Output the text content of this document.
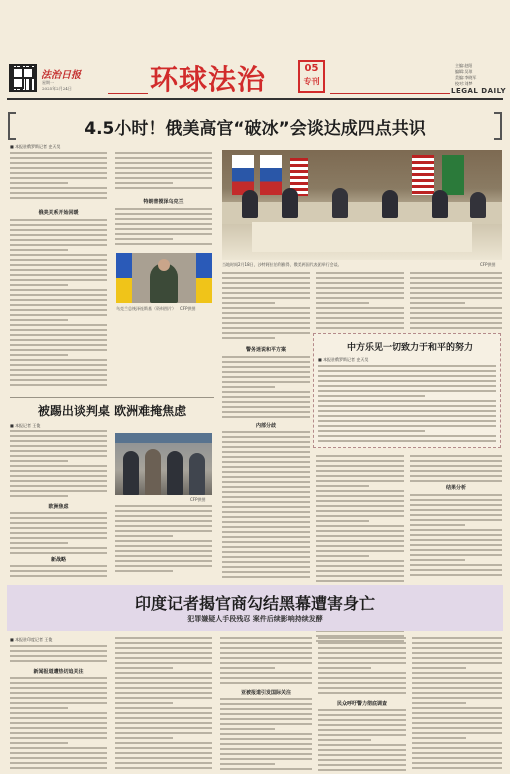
法治日报
星期一
2025年2月24日	环球法治	05
专刊
主编:赵阳
编辑:吴琼
美编:李晓军
校对:刘梦
LEGAL DAILY
4.5小时！俄美高官“破冰”会谈达成四点共识
■ 本报驻俄罗斯记者 史天昊
俄美关系开始回暖
特朗普搅泽乌克兰
当地时间2月18日，沙特阿拉伯利雅得，俄美两国代表团举行会谈。	CFP供图
乌克兰总统泽连斯基（资料图片） CFP供图
中方乐见一切致力于和平的努力
■ 本报驻俄罗斯记者 史天昊
警务迷说和平方案
内部分歧
被踢出谈判桌 欧洲难掩焦虑
■ 本报记者 王俊
欧洲焦虑
新战略
CFP供图
结果分析
印度记者揭官商勾结黑幕遭害身亡
犯罪嫌疑人手段残忍 案件后续影响持续发酵
■ 本报驻印度记者 王俊
新闻报道遭热切追关注
亚被报道引发国际关注
民众呼吁警力彻底调查
